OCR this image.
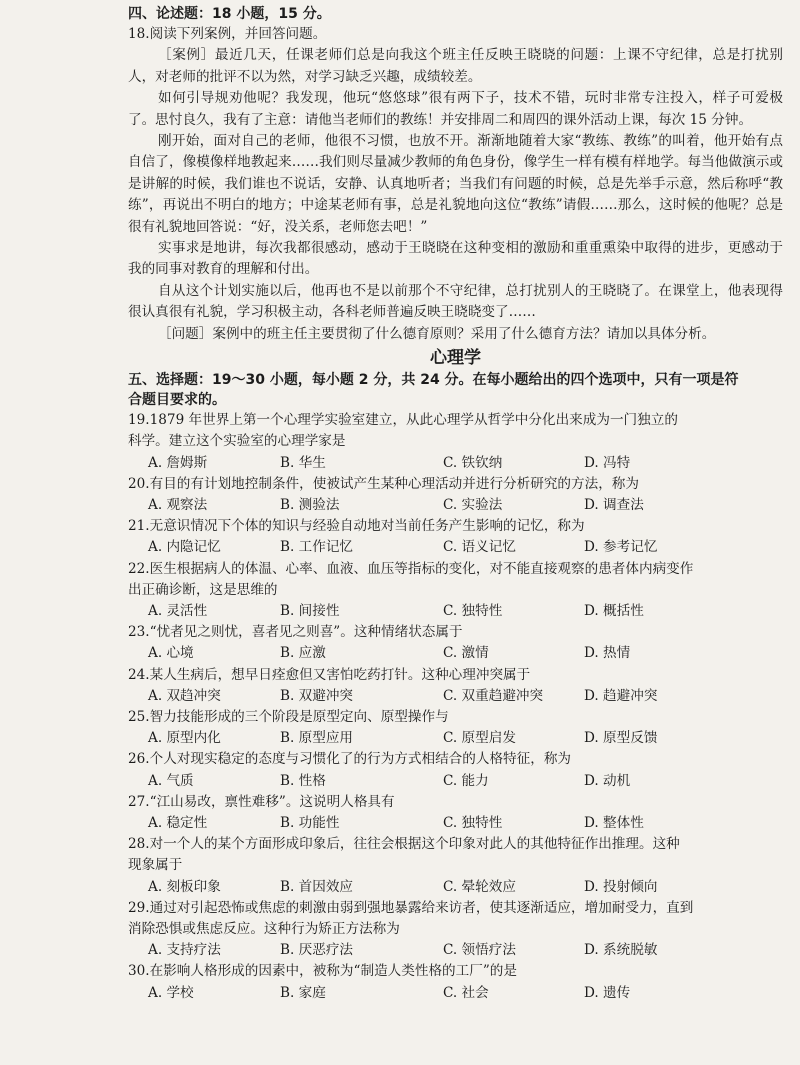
四、论述题：18 小题，15 分。

18.阅读下列案例，并回答问题。

［案例］最近几天，任课老师们总是向我这个班主任反映王晓晓的问题：上课不守纪律，总是打扰别人，对老师的批评不以为然，对学习缺乏兴趣，成绩较差。

如何引导规劝他呢？我发现，他玩“悠悠球”很有两下子，技术不错，玩时非常专注投入，样子可爱极了。思忖良久，我有了主意：请他当老师们的教练！并安排周二和周四的课外活动上课，每次 15 分钟。

刚开始，面对自己的老师，他很不习惯，也放不开。渐渐地随着大家“教练、教练”的叫着，他开始有点自信了，像模像样地教起来……我们则尽量减少教师的角色身份，像学生一样有模有样地学。每当他做演示或是讲解的时候，我们谁也不说话，安静、认真地听者；当我们有问题的时候，总是先举手示意，然后称呼“教练”，再说出不明白的地方；中途某老师有事，总是礼貌地向这位“教练”请假……那么，这时候的他呢？总是很有礼貌地回答说：“好，没关系，老师您去吧！”

实事求是地讲，每次我都很感动，感动于王晓晓在这种变相的激励和重重熏染中取得的进步，更感动于我的同事对教育的理解和付出。

自从这个计划实施以后，他再也不是以前那个不守纪律，总打扰别人的王晓晓了。在课堂上，他表现得很认真很有礼貌，学习积极主动，各科老师普遍反映王晓晓变了……

［问题］案例中的班主任主要贯彻了什么德育原则？采用了什么德育方法？请加以具体分析。

心理学

五、选择题：19～30 小题，每小题 2 分，共 24 分。在每小题给出的四个选项中，只有一项是符

合题目要求的。

19.1879 年世界上第一个心理学实验室建立，从此心理学从哲学中分化出来成为一门独立的

科学。建立这个实验室的心理学家是

A. 詹姆斯	B. 华生	C. 铁钦纳	D. 冯特

20.有目的有计划地控制条件，使被试产生某种心理活动并进行分析研究的方法，称为

A. 观察法	B. 测验法	C. 实验法	D. 调查法

21.无意识情况下个体的知识与经验自动地对当前任务产生影响的记忆，称为

A. 内隐记忆	B. 工作记忆	C. 语义记忆	D. 参考记忆

22.医生根据病人的体温、心率、血液、血压等指标的变化，对不能直接观察的患者体内病变作

出正确诊断，这是思维的

A. 灵活性	B. 间接性	C. 独特性	D. 概括性

23.“忧者见之则忧，喜者见之则喜”。这种情绪状态属于

A. 心境	B. 应激	C. 激情	D. 热情

24.某人生病后，想早日痊愈但又害怕吃药打针。这种心理冲突属于

A. 双趋冲突	B. 双避冲突	C. 双重趋避冲突	D. 趋避冲突

25.智力技能形成的三个阶段是原型定向、原型操作与

A. 原型内化	B. 原型应用	C. 原型启发	D. 原型反馈

26.个人对现实稳定的态度与习惯化了的行为方式相结合的人格特征，称为

A. 气质	B. 性格	C. 能力	D. 动机

27.“江山易改，禀性难移”。这说明人格具有

A. 稳定性	B. 功能性	C. 独特性	D. 整体性

28.对一个人的某个方面形成印象后，往往会根据这个印象对此人的其他特征作出推理。这种

现象属于

A. 刻板印象	B. 首因效应	C. 晕轮效应	D. 投射倾向

29.通过对引起恐怖或焦虑的刺激由弱到强地暴露给来访者，使其逐渐适应，增加耐受力，直到

消除恐惧或焦虑反应。这种行为矫正方法称为

A. 支持疗法	B. 厌恶疗法	C. 领悟疗法	D. 系统脱敏

30.在影响人格形成的因素中，被称为“制造人类性格的工厂”的是

A. 学校	B. 家庭	C. 社会	D. 遗传
